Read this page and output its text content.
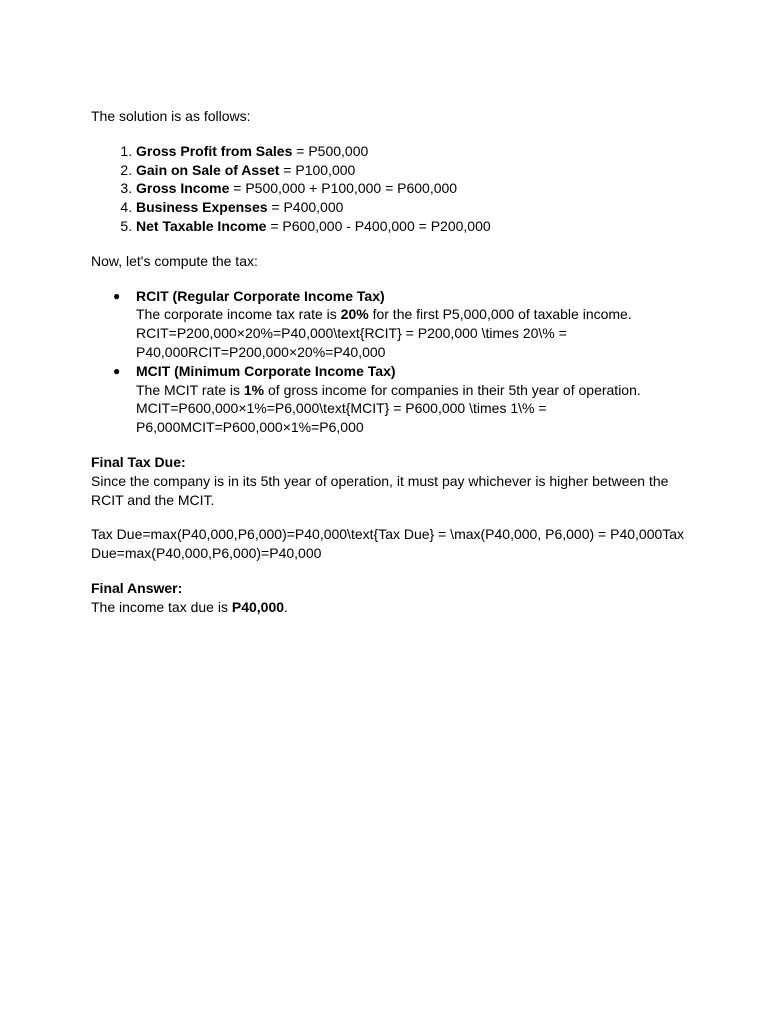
The solution is as follows:

1. Gross Profit from Sales = P500,000
2. Gain on Sale of Asset = P100,000
3. Gross Income = P500,000 + P100,000 = P600,000
4. Business Expenses = P400,000
5. Net Taxable Income = P600,000 - P400,000 = P200,000

Now, let's compute the tax:

● RCIT (Regular Corporate Income Tax)
The corporate income tax rate is 20% for the first P5,000,000 of taxable income.
RCIT=P200,000×20%=P40,000\text{RCIT} = P200,000 \times 20\% = P40,000RCIT=P200,000×20%=P40,000
● MCIT (Minimum Corporate Income Tax)
The MCIT rate is 1% of gross income for companies in their 5th year of operation.
MCIT=P600,000×1%=P6,000\text{MCIT} = P600,000 \times 1\% = P6,000MCIT=P600,000×1%=P6,000
Final Tax Due:
Since the company is in its 5th year of operation, it must pay whichever is higher between the RCIT and the MCIT.

Tax Due=max(P40,000,P6,000)=P40,000\text{Tax Due} = \max(P40,000, P6,000) = P40,000Tax Due=max(P40,000,P6,000)=P40,000

Final Answer:
The income tax due is P40,000.
